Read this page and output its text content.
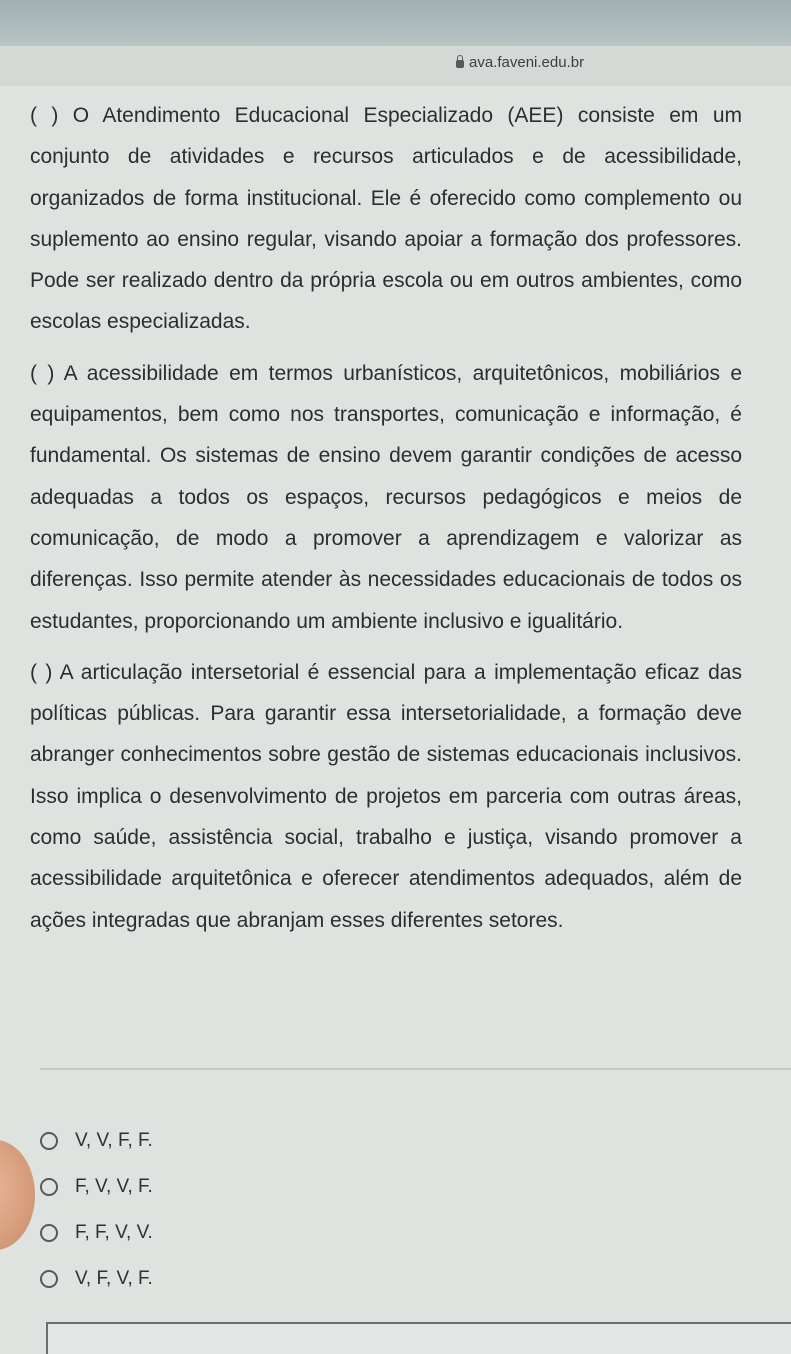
ava.faveni.edu.br

( ) O Atendimento Educacional Especializado (AEE) consiste em um conjunto de atividades e recursos articulados e de acessibilidade, organizados de forma institucional. Ele é oferecido como complemento ou suplemento ao ensino regular, visando apoiar a formação dos professores. Pode ser realizado dentro da própria escola ou em outros ambientes, como escolas especializadas.

( ) A acessibilidade em termos urbanísticos, arquitetônicos, mobiliários e equipamentos, bem como nos transportes, comunicação e informação, é fundamental. Os sistemas de ensino devem garantir condições de acesso adequadas a todos os espaços, recursos pedagógicos e meios de comunicação, de modo a promover a aprendizagem e valorizar as diferenças. Isso permite atender às necessidades educacionais de todos os estudantes, proporcionando um ambiente inclusivo e igualitário.

( ) A articulação intersetorial é essencial para a implementação eficaz das políticas públicas. Para garantir essa intersetorialidade, a formação deve abranger conhecimentos sobre gestão de sistemas educacionais inclusivos. Isso implica o desenvolvimento de projetos em parceria com outras áreas, como saúde, assistência social, trabalho e justiça, visando promover a acessibilidade arquitetônica e oferecer atendimentos adequados, além de ações integradas que abranjam esses diferentes setores.

V, V, F, F.
F, V, V, F.
F, F, V, V.
V, F, V, F.
